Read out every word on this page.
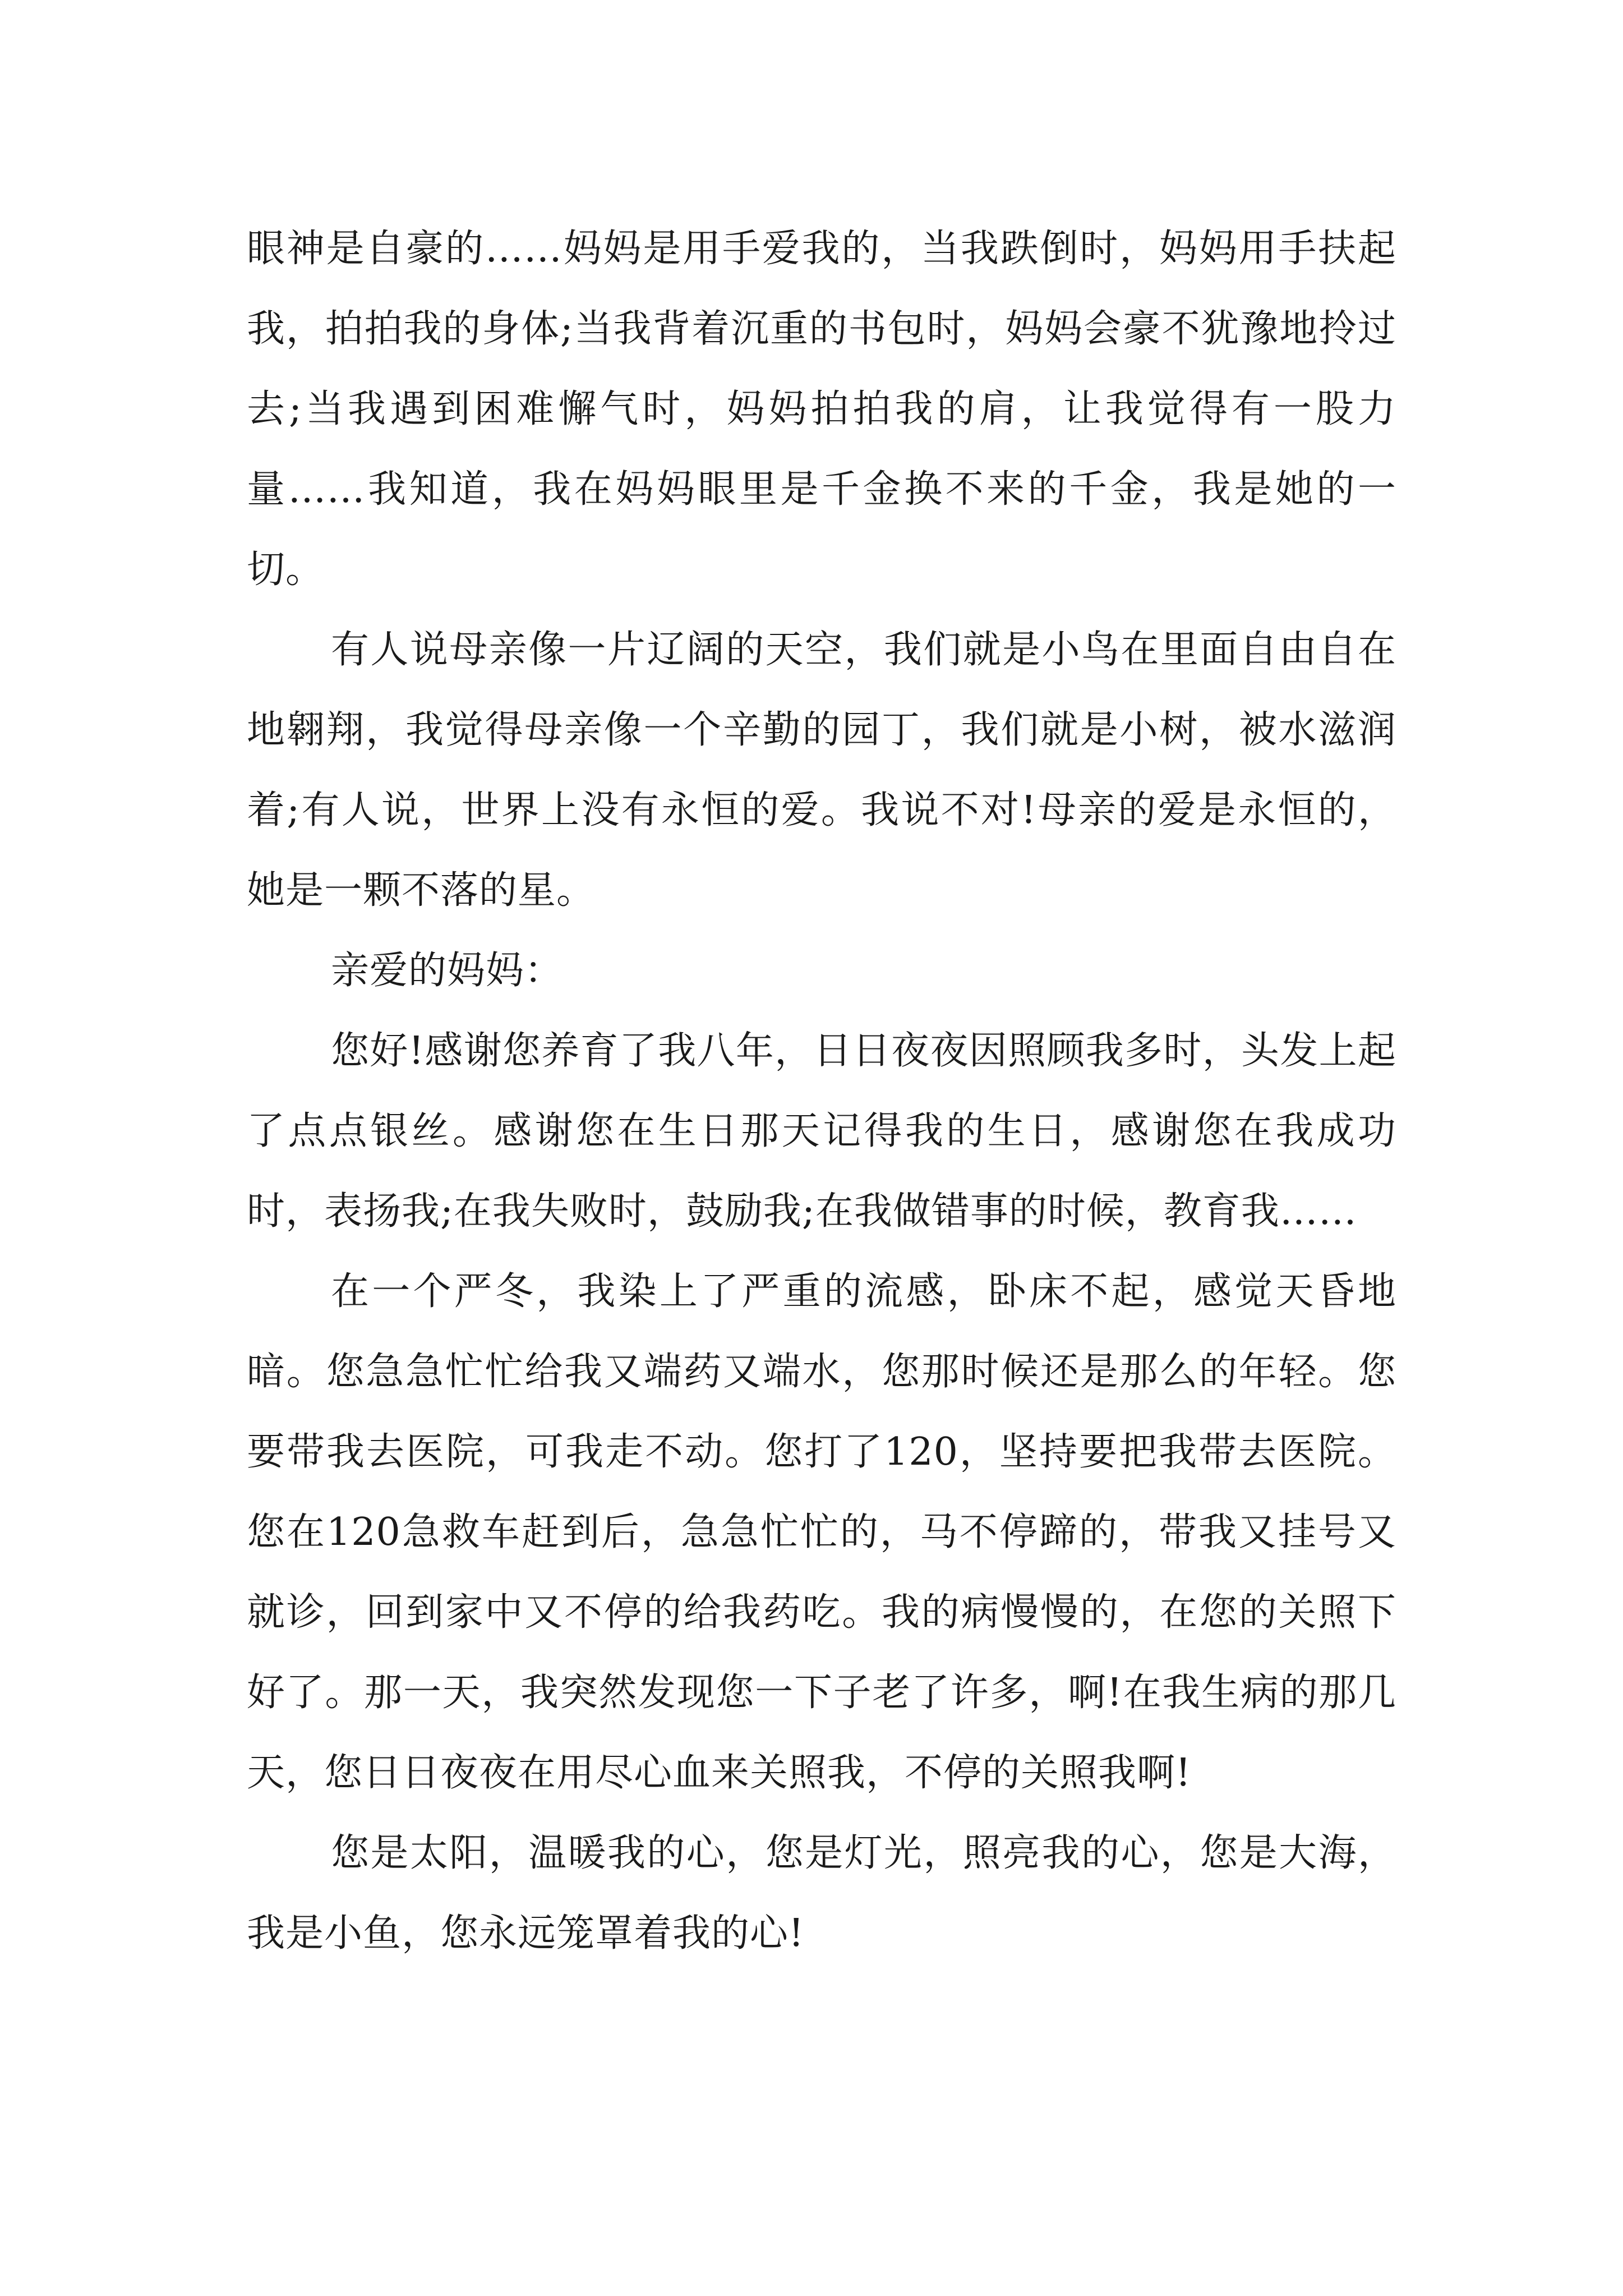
眼神是自豪的……妈妈是用手爱我的，当我跌倒时，妈妈用手扶起我，拍拍我的身体;当我背着沉重的书包时，妈妈会豪不犹豫地拎过去;当我遇到困难懈气时，妈妈拍拍我的肩，让我觉得有一股力量……我知道，我在妈妈眼里是千金换不来的千金，我是她的一切。

有人说母亲像一片辽阔的天空，我们就是小鸟在里面自由自在地翱翔，我觉得母亲像一个辛勤的园丁，我们就是小树，被水滋润着;有人说，世界上没有永恒的爱。我说不对!母亲的爱是永恒的，她是一颗不落的星。

亲爱的妈妈：

您好!感谢您养育了我八年，日日夜夜因照顾我多时，头发上起了点点银丝。感谢您在生日那天记得我的生日，感谢您在我成功时，表扬我;在我失败时，鼓励我;在我做错事的时候，教育我……

在一个严冬，我染上了严重的流感，卧床不起，感觉天昏地暗。您急急忙忙给我又端药又端水，您那时候还是那么的年轻。您要带我去医院，可我走不动。您打了120，坚持要把我带去医院。您在120急救车赶到后，急急忙忙的，马不停蹄的，带我又挂号又就诊，回到家中又不停的给我药吃。我的病慢慢的，在您的关照下好了。那一天，我突然发现您一下子老了许多，啊!在我生病的那几天，您日日夜夜在用尽心血来关照我，不停的关照我啊!

您是太阳，温暖我的心，您是灯光，照亮我的心，您是大海，我是小鱼，您永远笼罩着我的心!
